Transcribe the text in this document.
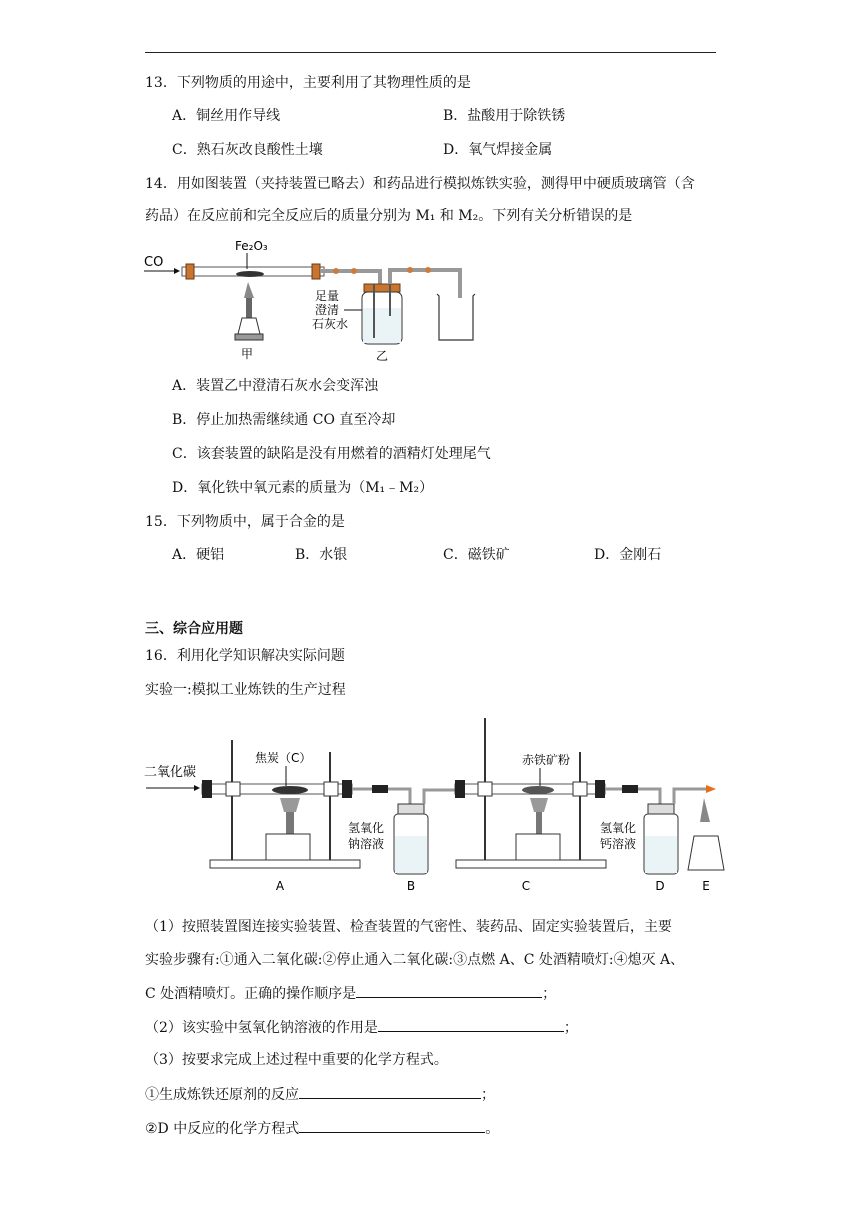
13．下列物质的用途中，主要利用了其物理性质的是
A．铜丝用作导线	B．盐酸用于除铁锈
C．熟石灰改良酸性土壤	D．氧气焊接金属
14．用如图装置（夹持装置已略去）和药品进行模拟炼铁实验，测得甲中硬质玻璃管（含
药品）在反应前和完全反应后的质量分别为 M₁ 和 M₂。下列有关分析错误的是
CO
Fe₂O₃
甲
足量
澄清
石灰水
乙
A．装置乙中澄清石灰水会变浑浊
B．停止加热需继续通 CO 直至冷却
C．该套装置的缺陷是没有用燃着的酒精灯处理尾气
D．氧化铁中氧元素的质量为（M₁﹣M₂）
15．下列物质中，属于合金的是
A．硬铝	B．水银	C．磁铁矿	D．金刚石
三、综合应用题
16．利用化学知识解决实际问题
实验一:模拟工业炼铁的生产过程
二氧化碳
焦炭（C）
A
氢氧化
钠溶液
B
赤铁矿粉
C
氢氧化
钙溶液
D	E
（1）按照装置图连接实验装置、检查装置的气密性、装药品、固定实验装置后，主要
实验步骤有:①通入二氧化碳:②停止通入二氧化碳:③点燃 A、C 处酒精喷灯:④熄灭 A、
C 处酒精喷灯。正确的操作顺序是	；
（2）该实验中氢氧化钠溶液的作用是	；
（3）按要求完成上述过程中重要的化学方程式。
①生成炼铁还原剂的反应	；
②D 中反应的化学方程式	。
